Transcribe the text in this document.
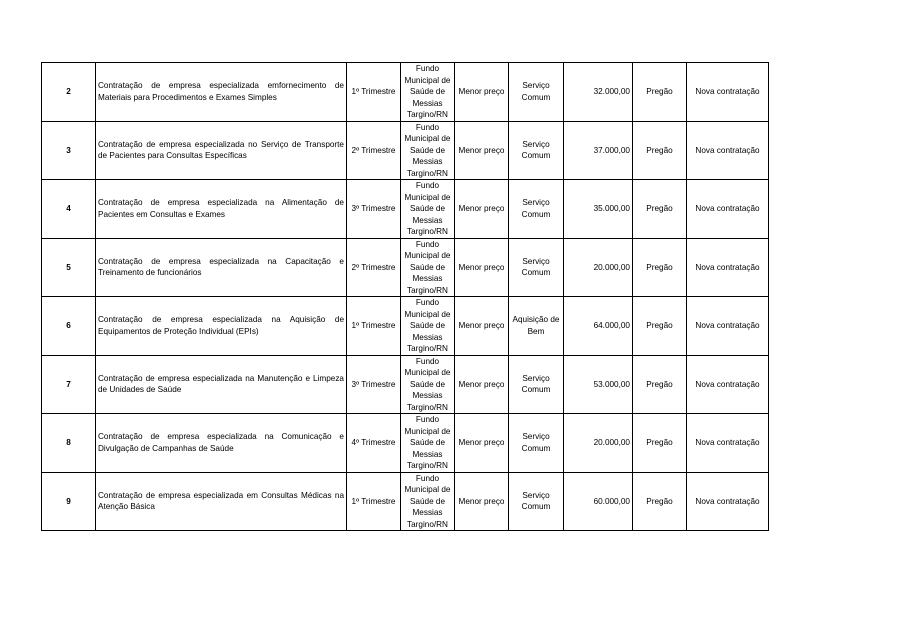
2	Contratação de empresa especializada emfornecimento de Materiais para Procedimentos e Exames Simples	1º Trimestre	Fundo Municipal de Saúde de Messias Targino/RN	Menor preço	Serviço Comum	32.000,00	Pregão	Nova contratação
3	Contratação de empresa especializada no Serviço de Transporte de Pacientes para Consultas Específicas	2º Trimestre	Fundo Municipal de Saúde de Messias Targino/RN	Menor preço	Serviço Comum	37.000,00	Pregão	Nova contratação
4	Contratação de empresa especializada na Alimentação de Pacientes em Consultas e Exames	3º Trimestre	Fundo Municipal de Saúde de Messias Targino/RN	Menor preço	Serviço Comum	35.000,00	Pregão	Nova contratação
5	Contratação de empresa especializada na Capacitação e Treinamento de funcionários	2º Trimestre	Fundo Municipal de Saúde de Messias Targino/RN	Menor preço	Serviço Comum	20.000,00	Pregão	Nova contratação
6	Contratação de empresa especializada na Aquisição de Equipamentos de Proteção Individual (EPIs)	1º Trimestre	Fundo Municipal de Saúde de Messias Targino/RN	Menor preço	Aquisição de Bem	64.000,00	Pregão	Nova contratação
7	Contratação de empresa especializada na Manutenção e Limpeza de Unidades de Saúde	3º Trimestre	Fundo Municipal de Saúde de Messias Targino/RN	Menor preço	Serviço Comum	53.000,00	Pregão	Nova contratação
8	Contratação de empresa especializada na Comunicação e Divulgação de Campanhas de Saúde	4º Trimestre	Fundo Municipal de Saúde de Messias Targino/RN	Menor preço	Serviço Comum	20.000,00	Pregão	Nova contratação
9	Contratação de empresa especializada em Consultas Médicas na Atenção Básica	1º Trimestre	Fundo Municipal de Saúde de Messias Targino/RN	Menor preço	Serviço Comum	60.000,00	Pregão	Nova contratação
